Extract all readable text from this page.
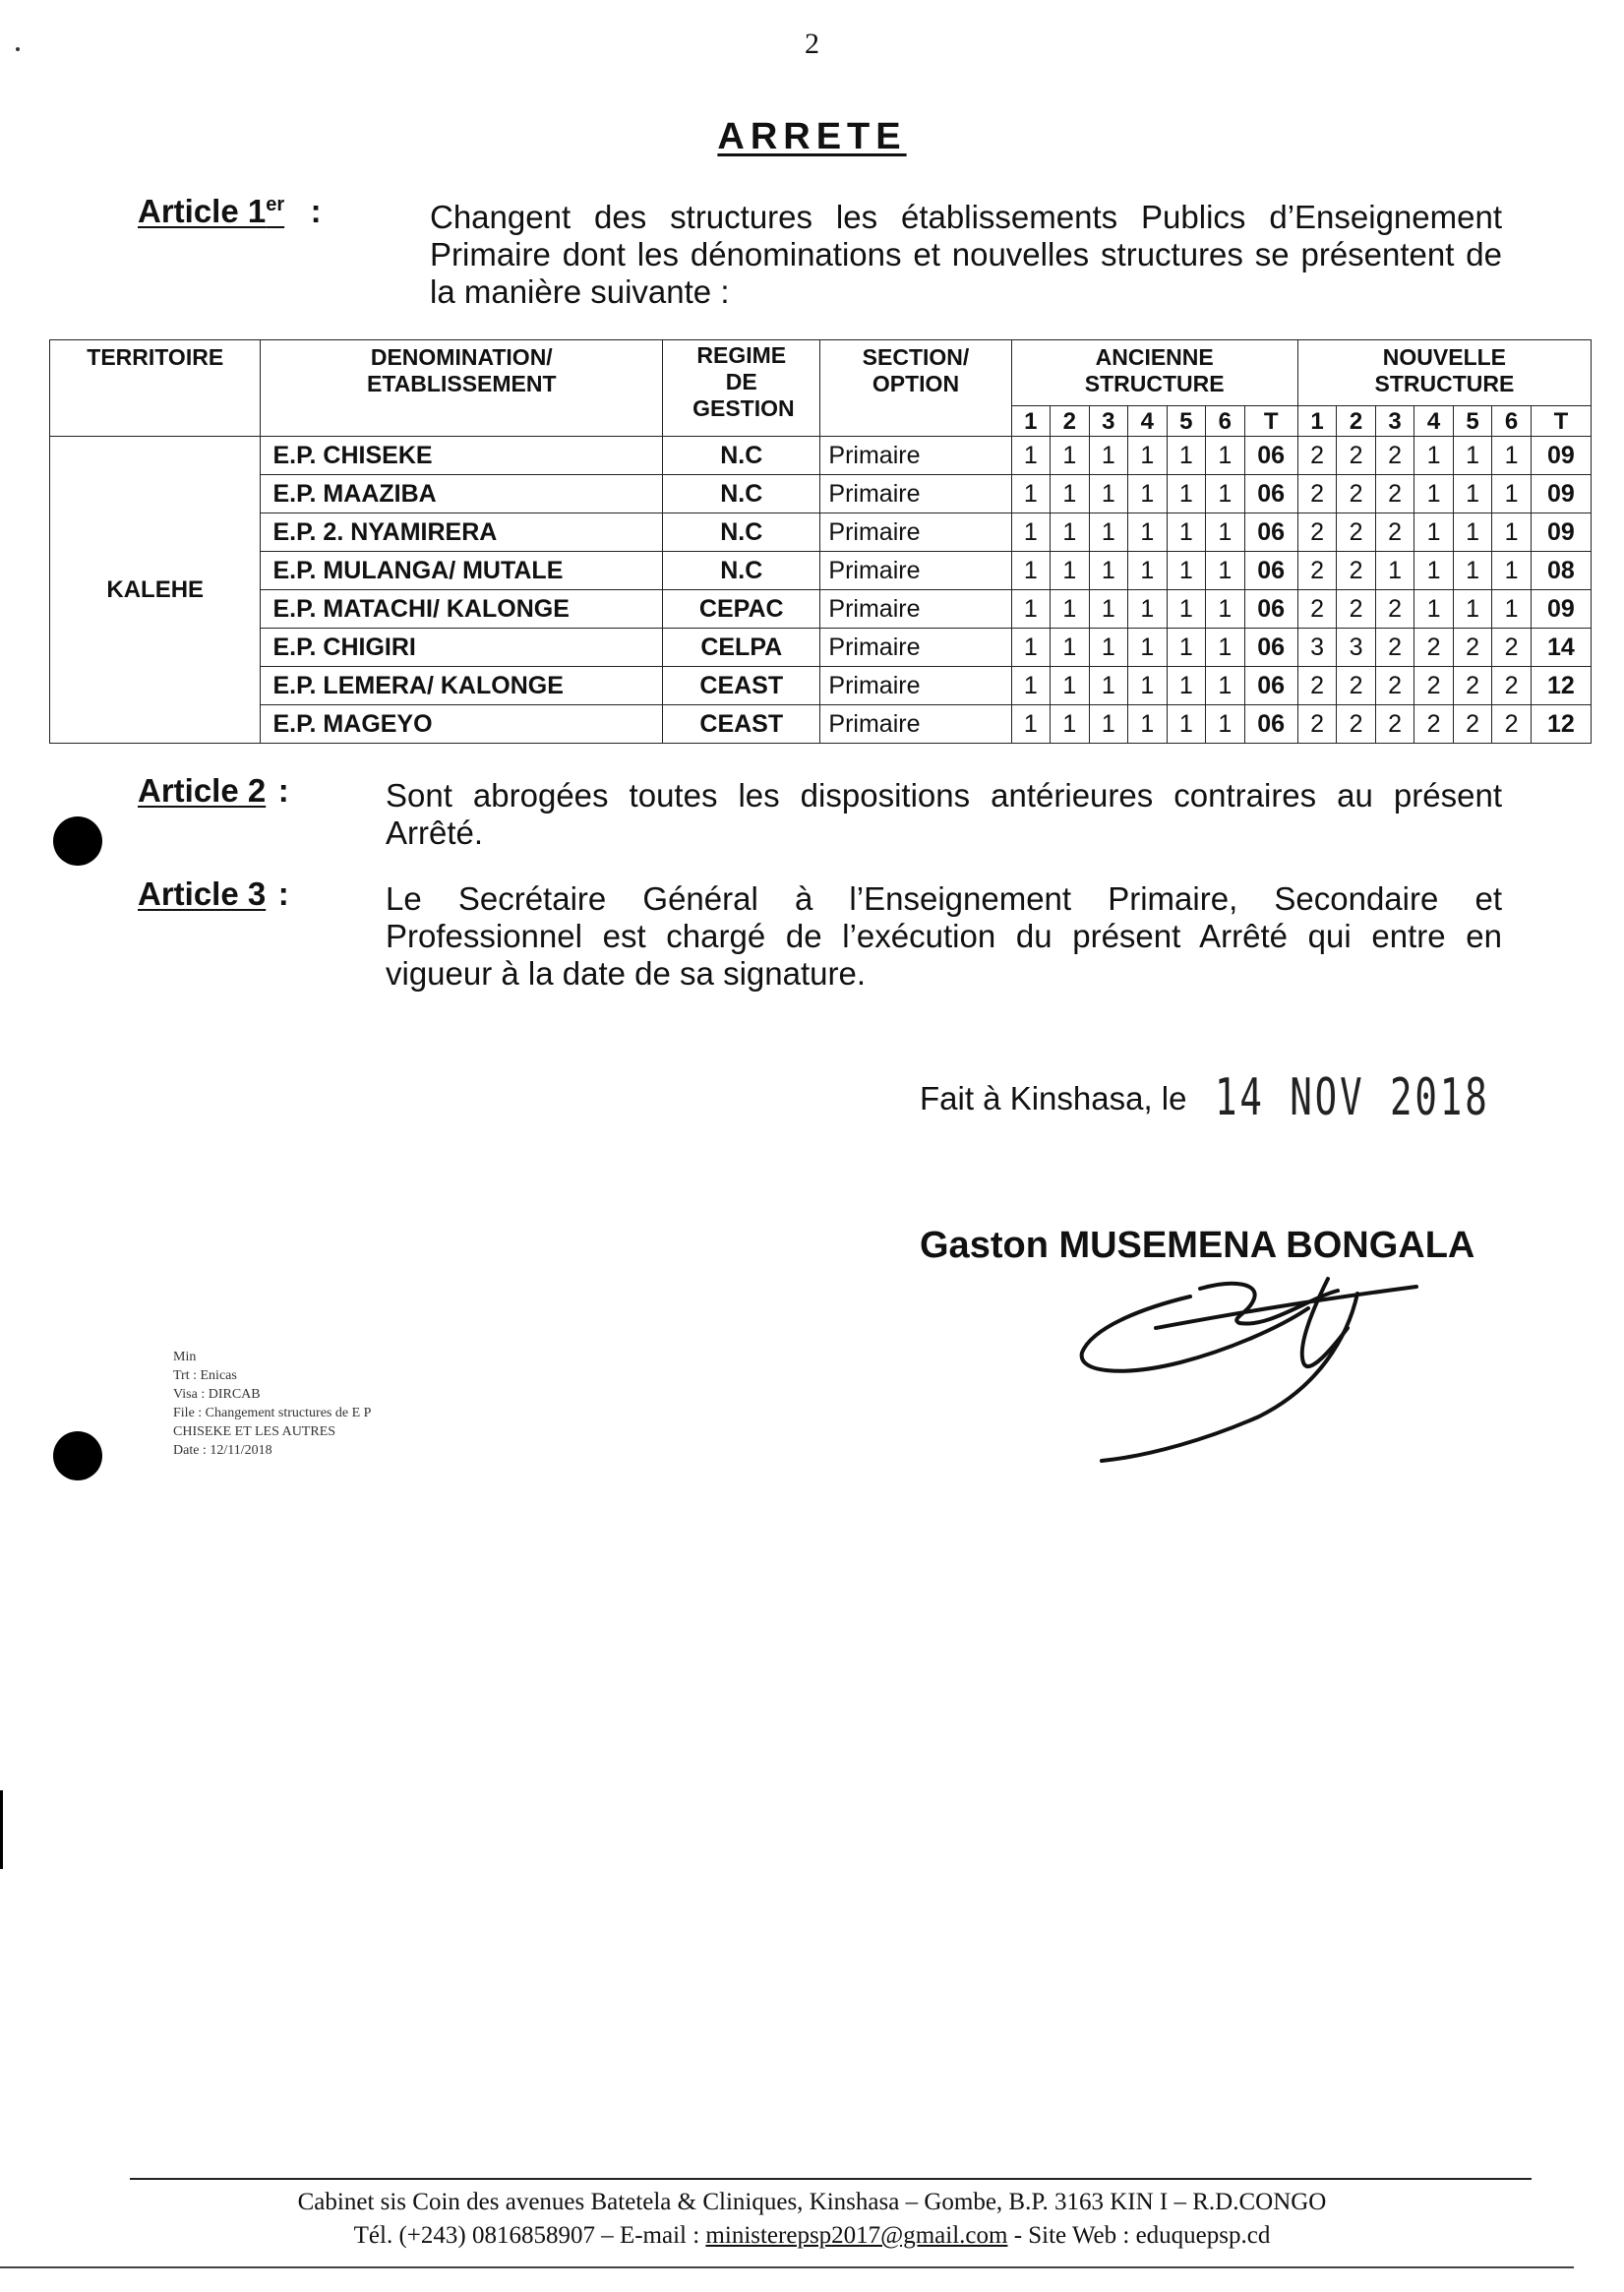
2
ARRETE
Article 1er :	Changent des structures les établissements Publics d’Enseignement Primaire dont les dénominations et nouvelles structures se présentent de la manière suivante :
TERRITOIRE	DENOMINATION/ ETABLISSEMENT	REGIME DE GESTION	SECTION/ OPTION	ANCIENNE STRUCTURE							NOUVELLE STRUCTURE						
				1	2	3	4	5	6	T	1	2	3	4	5	6	T
KALEHE	E.P. CHISEKE	N.C	Primaire	1	1	1	1	1	1	06	2	2	2	1	1	1	09
	E.P. MAAZIBA	N.C	Primaire	1	1	1	1	1	1	06	2	2	2	1	1	1	09
	E.P. 2. NYAMIRERA	N.C	Primaire	1	1	1	1	1	1	06	2	2	2	1	1	1	09
	E.P. MULANGA/ MUTALE	N.C	Primaire	1	1	1	1	1	1	06	2	2	1	1	1	1	08
	E.P. MATACHI/ KALONGE	CEPAC	Primaire	1	1	1	1	1	1	06	2	2	2	1	1	1	09
	E.P. CHIGIRI	CELPA	Primaire	1	1	1	1	1	1	06	3	3	2	2	2	2	14
	E.P. LEMERA/ KALONGE	CEAST	Primaire	1	1	1	1	1	1	06	2	2	2	2	2	2	12
	E.P. MAGEYO	CEAST	Primaire	1	1	1	1	1	1	06	2	2	2	2	2	2	12
Article 2 :	Sont abrogées toutes les dispositions antérieures contraires au présent Arrêté.
Article 3 :	Le Secrétaire Général à l’Enseignement Primaire, Secondaire et Professionnel est chargé de l’exécution du présent Arrêté qui entre en vigueur à la date de sa signature.
Fait à Kinshasa, le 14 NOV 2018
Gaston MUSEMENA BONGALA
Min
Trt : Enicas
Visa : DIRCAB
File : Changement structures de E P
CHISEKE ET LES AUTRES
Date : 12/11/2018
Cabinet sis Coin des avenues Batetela & Cliniques, Kinshasa – Gombe, B.P. 3163 KIN I – R.D.CONGO
Tél. (+243) 0816858907 – E-mail : ministerepsp2017@gmail.com - Site Web : eduquepsp.cd
